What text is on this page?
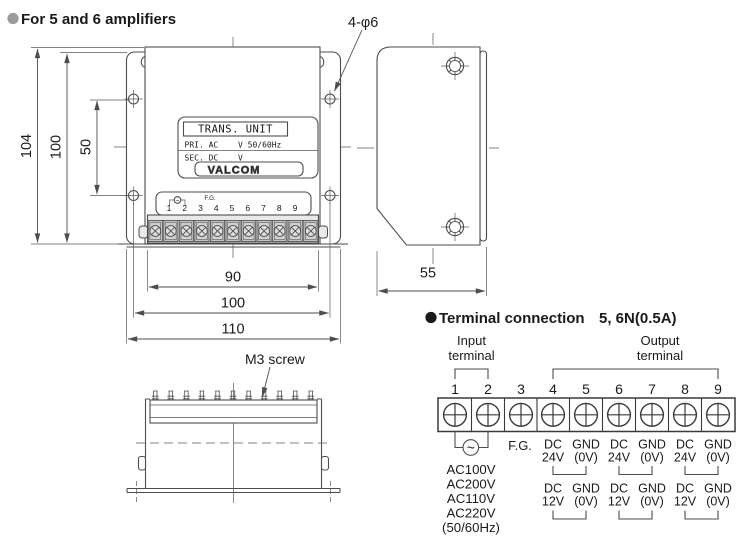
For 5 and 6 amplifiers	4-φ6
TRANS. UNIT
PRI. AC V 50/60Hz
SEC. DC V
VALCOM
~	F.G.
1 2 3 4 5 6 7 8 9
104 100 50
90
100
110
55
M3 screw
Terminal connection 5, 6N(0.5A)
Input
terminal
Output
terminal
1 2 3 4 5 6 7 8 9
~
AC100V
AC200V
AC110V
AC220V
(50/60Hz)
F.G. DC
24V
GND
(0V)
DC
24V
GND
(0V)
DC
24V
GND
(0V)
DC
12V
GND
(0V)
DC
12V
GND
(0V)
DC
12V
GND
(0V)
